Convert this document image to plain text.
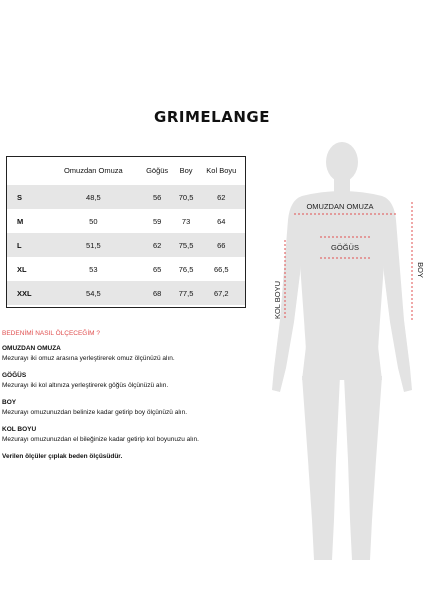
GRIMELANGE
	Omuzdan Omuza	Göğüs	Boy	Kol Boyu
S	48,5	56	70,5	62
M	50	59	73	64
L	51,5	62	75,5	66
XL	53	65	76,5	66,5
XXL	54,5	68	77,5	67,2
BEDENİMİ NASIL ÖLÇECEĞİM ?
OMUZDAN OMUZA
Mezurayı iki omuz arasına yerleştirerek omuz ölçünüzü alın.
GÖĞÜS
Mezurayı iki kol altınıza yerleştirerek göğüs ölçünüzü alın.
BOY
Mezurayı omuzunuzdan belinize kadar getirip boy ölçünüzü alın.
KOL BOYU
Mezurayı omuzunuzdan el bileğinize kadar getirip kol boyunuzu alın.
Verilen ölçüler çıplak beden ölçüsüdür.
OMUZDAN OMUZA
GÖĞÜS
KOL BOYU
BOY
